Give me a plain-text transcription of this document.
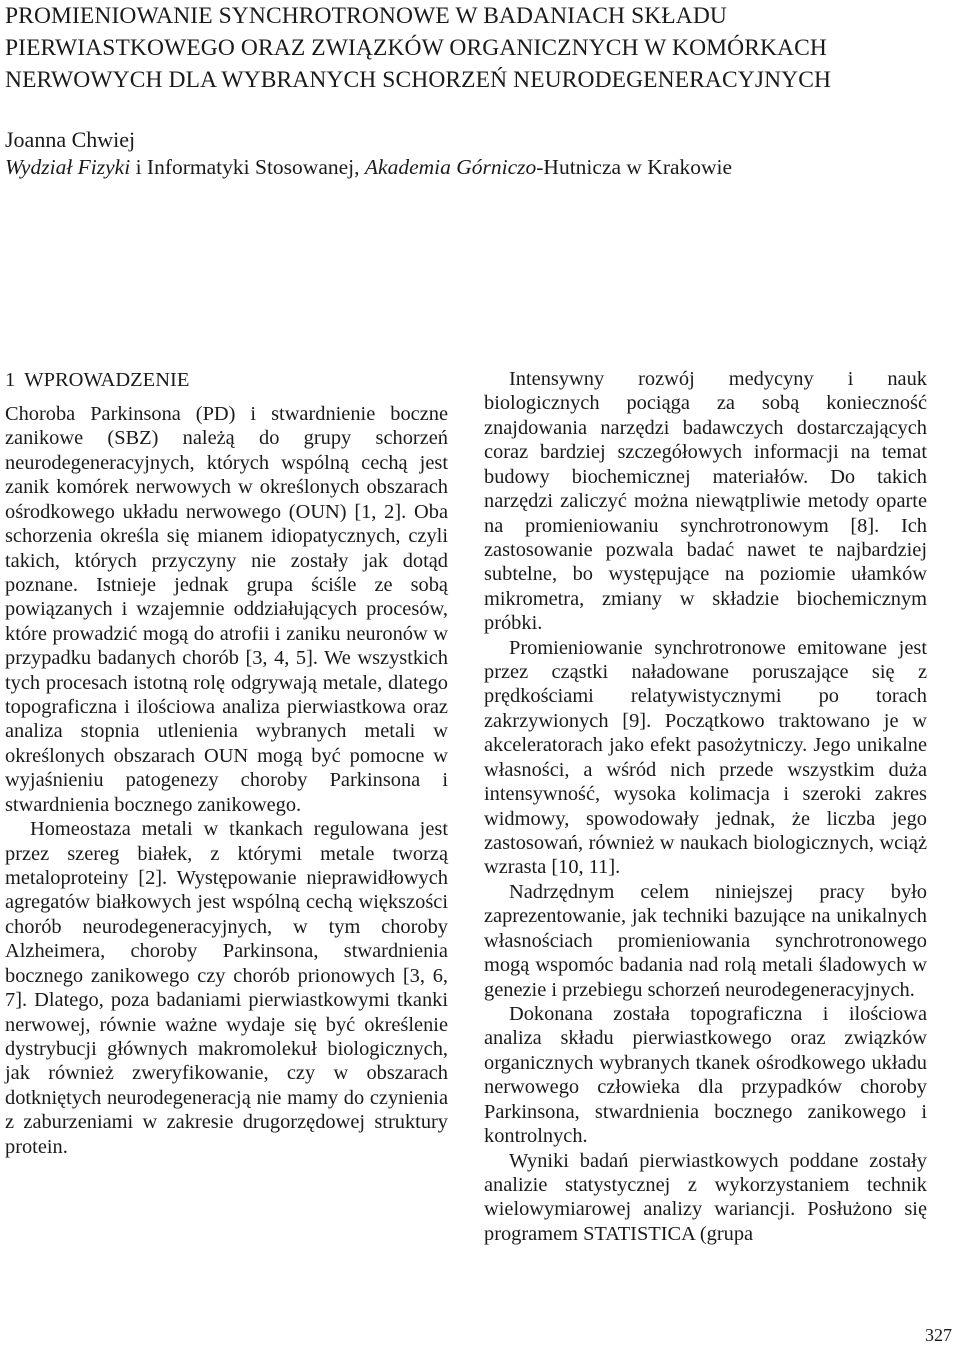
PROMIENIOWANIE SYNCHROTRONOWE W BADANIACH SKŁADU
PIERWIASTKOWEGO ORAZ ZWIĄZKÓW ORGANICZNYCH W KOMÓRKACH
NERWOWYCH DLA WYBRANYCH SCHORZEŃ NEURODEGENERACYJNYCH
Joanna Chwiej
Wydział Fizyki i Informatyki Stosowanej, Akademia Górniczo-Hutnicza w Krakowie
1 WPROWADZENIE

Choroba Parkinsona (PD) i stwardnienie boczne zanikowe (SBZ) należą do grupy schorzeń neurodegeneracyjnych, których wspólną cechą jest zanik komórek nerwowych w określonych obszarach ośrodkowego układu nerwowego (OUN) [1, 2]. Oba schorzenia określa się mianem idiopatycznych, czyli takich, których przyczyny nie zostały jak dotąd poznane. Istnieje jednak grupa ściśle ze sobą powiązanych i wzajemnie oddziałujących procesów, które prowadzić mogą do atrofii i zaniku neuronów w przypadku badanych chorób [3, 4, 5]. We wszystkich tych procesach istotną rolę odgrywają metale, dlatego topograficzna i ilościowa analiza pierwiastkowa oraz analiza stopnia utlenienia wybranych metali w określonych obszarach OUN mogą być pomocne w wyjaśnieniu patogenezy choroby Parkinsona i stwardnienia bocznego zanikowego.

Homeostaza metali w tkankach regulowana jest przez szereg białek, z którymi metale tworzą metaloproteiny [2]. Występowanie nieprawidłowych agregatów białkowych jest wspólną cechą większości chorób neurodegeneracyjnych, w tym choroby Alzheimera, choroby Parkinsona, stwardnienia bocznego zanikowego czy chorób prionowych [3, 6, 7]. Dlatego, poza badaniami pierwiastkowymi tkanki nerwowej, równie ważne wydaje się być określenie dystrybucji głównych makromolekuł biologicznych, jak również zweryfikowanie, czy w obszarach dotkniętych neurodegeneracją nie mamy do czynienia z zaburzeniami w zakresie drugorzędowej struktury protein.

Intensywny rozwój medycyny i nauk biologicznych pociąga za sobą konieczność znajdowania narzędzi badawczych dostarczających coraz bardziej szczegółowych informacji na temat budowy biochemicznej materiałów. Do takich narzędzi zaliczyć można niewątpliwie metody oparte na promieniowaniu synchrotronowym [8]. Ich zastosowanie pozwala badać nawet te najbardziej subtelne, bo występujące na poziomie ułamków mikrometra, zmiany w składzie biochemicznym próbki.

Promieniowanie synchrotronowe emitowane jest przez cząstki naładowane poruszające się z prędkościami relatywistycznymi po torach zakrzywionych [9]. Początkowo traktowano je w akceleratorach jako efekt pasożytniczy. Jego unikalne własności, a wśród nich przede wszystkim duża intensywność, wysoka kolimacja i szeroki zakres widmowy, spowodowały jednak, że liczba jego zastosowań, również w naukach biologicznych, wciąż wzrasta [10, 11].

Nadrzędnym celem niniejszej pracy było zaprezentowanie, jak techniki bazujące na unikalnych własnościach promieniowania synchrotronowego mogą wspomóc badania nad rolą metali śladowych w genezie i przebiegu schorzeń neurodegeneracyjnych.

Dokonana została topograficzna i ilościowa analiza składu pierwiastkowego oraz związków organicznych wybranych tkanek ośrodkowego układu nerwowego człowieka dla przypadków choroby Parkinsona, stwardnienia bocznego zanikowego i kontrolnych.

Wyniki badań pierwiastkowych poddane zostały analizie statystycznej z wykorzystaniem technik wielowymiarowej analizy wariancji. Posłużono się programem STATISTICA (grupa

327
